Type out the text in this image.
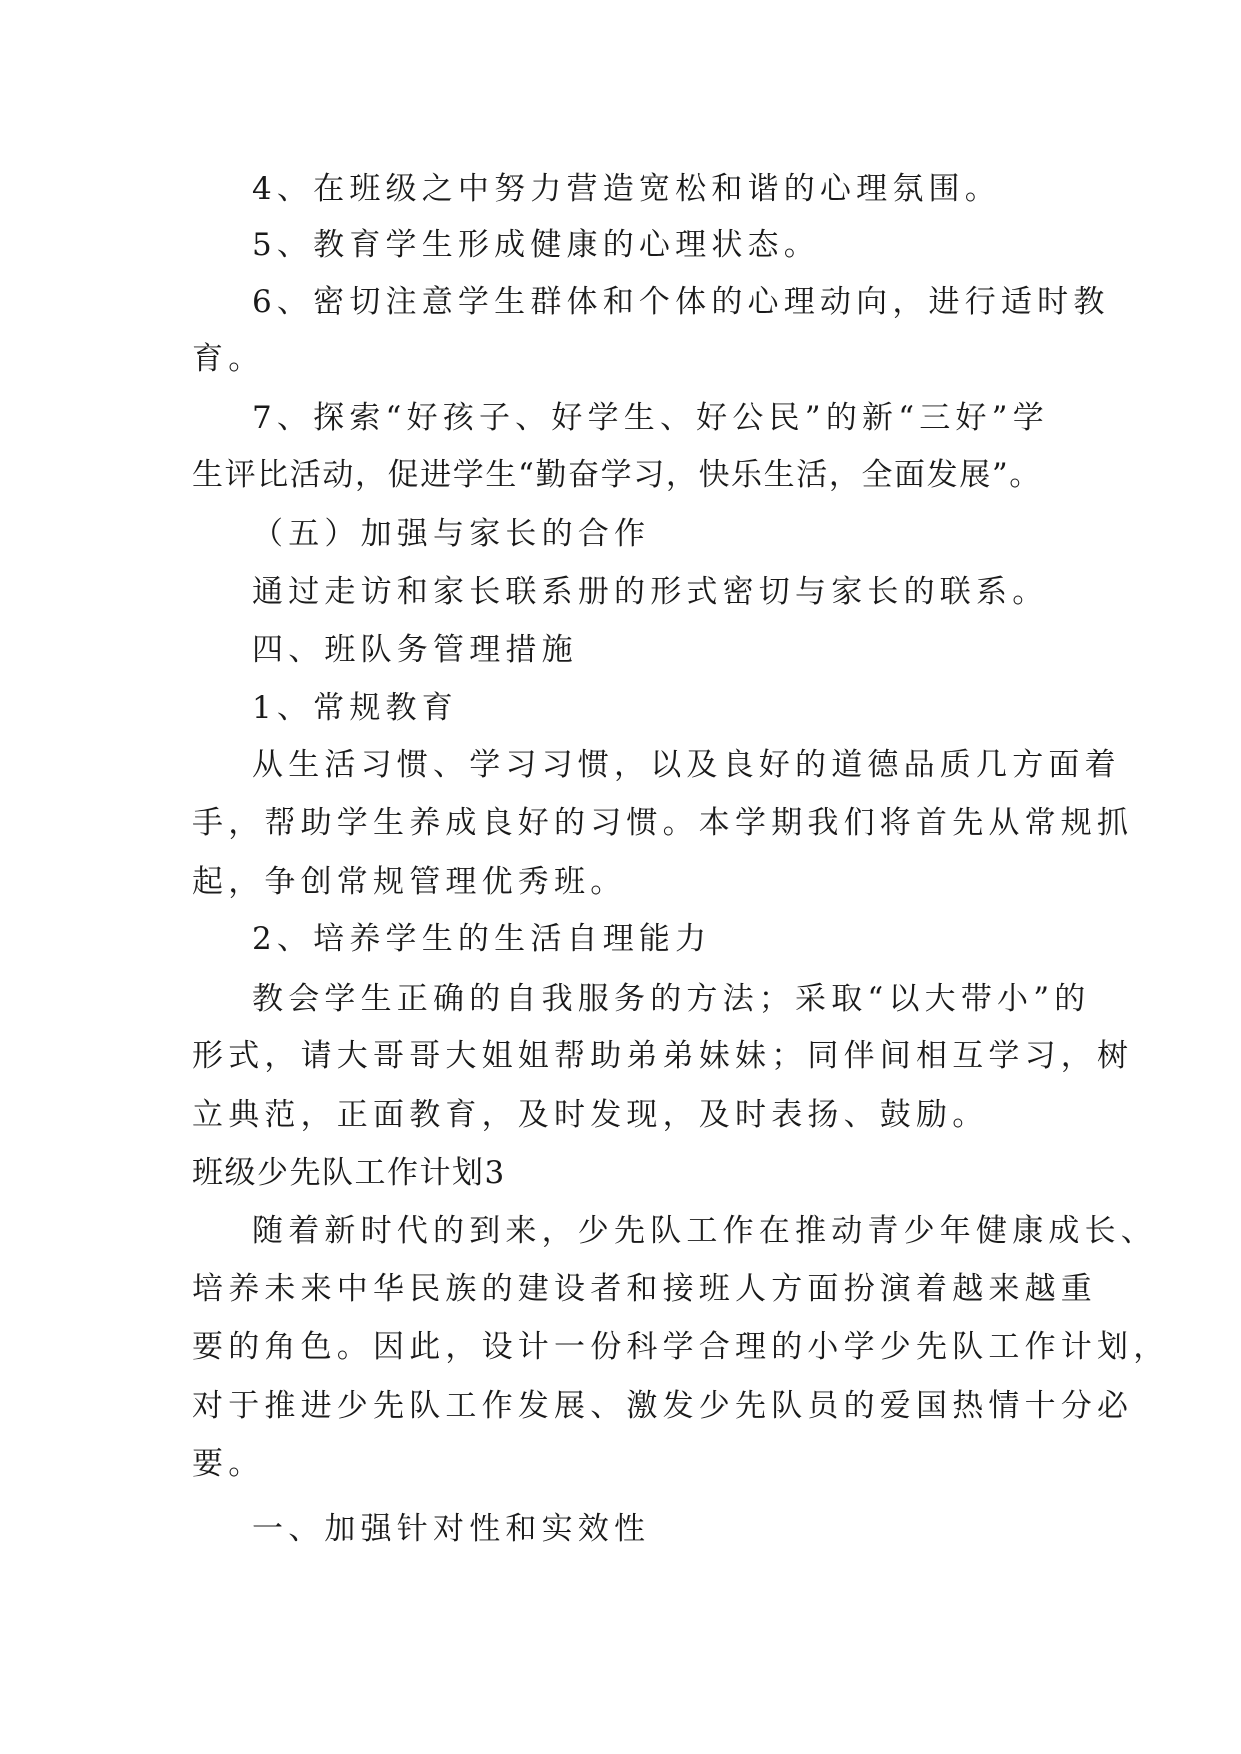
4、在班级之中努力营造宽松和谐的心理氛围。
5、教育学生形成健康的心理状态。
6、密切注意学生群体和个体的心理动向，进行适时教
育。
7、探索“好孩子、好学生、好公民”的新“三好”学
生评比活动，促进学生“勤奋学习，快乐生活，全面发展”。
（五）加强与家长的合作
通过走访和家长联系册的形式密切与家长的联系。
四、班队务管理措施
1、常规教育
从生活习惯、学习习惯，以及良好的道德品质几方面着
手，帮助学生养成良好的习惯。本学期我们将首先从常规抓
起，争创常规管理优秀班。
2、培养学生的生活自理能力
教会学生正确的自我服务的方法；采取“以大带小”的
形式，请大哥哥大姐姐帮助弟弟妹妹；同伴间相互学习，树
立典范，正面教育，及时发现，及时表扬、鼓励。
班级少先队工作计划3
随着新时代的到来，少先队工作在推动青少年健康成长、
培养未来中华民族的建设者和接班人方面扮演着越来越重
要的角色。因此，设计一份科学合理的小学少先队工作计划，
对于推进少先队工作发展、激发少先队员的爱国热情十分必
要。
一、加强针对性和实效性
